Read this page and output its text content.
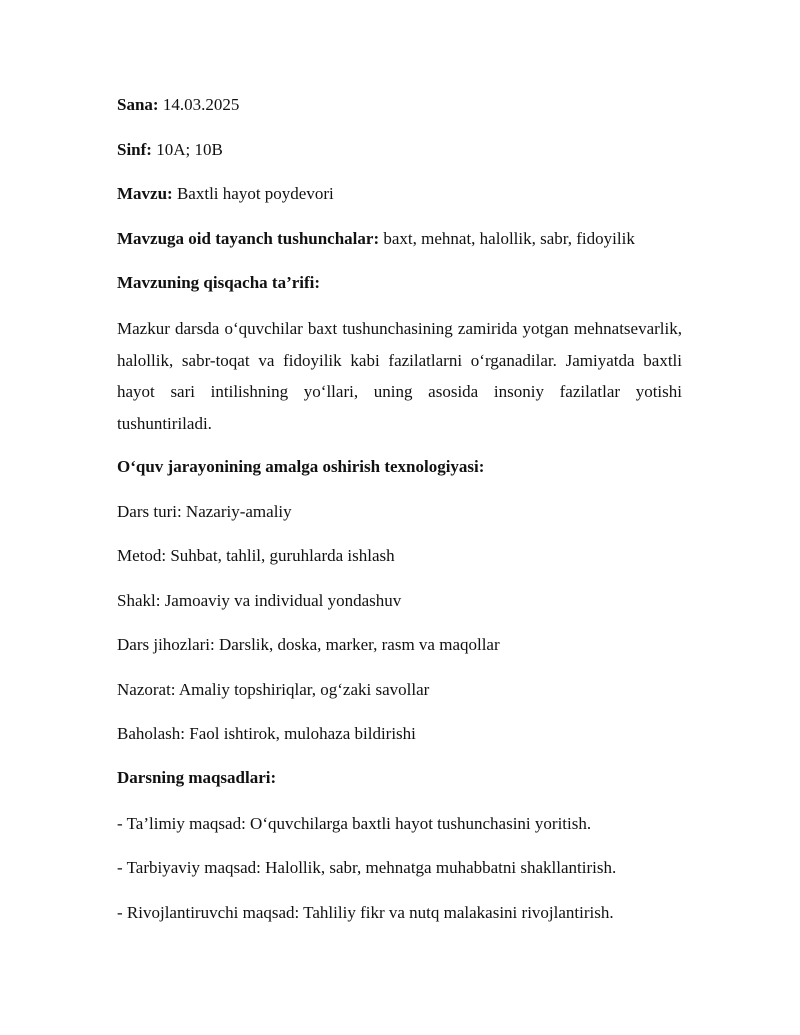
Sana: 14.03.2025
Sinf: 10A; 10B
Mavzu: Baxtli hayot poydevori
Mavzuga oid tayanch tushunchalar: baxt, mehnat, halollik, sabr, fidoyilik
Mavzuning qisqacha ta’rifi:
Mazkur darsda o‘quvchilar baxt tushunchasining zamirida yotgan mehnatsevarlik, halollik, sabr-toqat va fidoyilik kabi fazilatlarni o‘rganadilar. Jamiyatda baxtli hayot sari intilishning yo‘llari, uning asosida insoniy fazilatlar yotishi tushuntiriladi.
O‘quv jarayonining amalga oshirish texnologiyasi:
Dars turi: Nazariy-amaliy
Metod: Suhbat, tahlil, guruhlarda ishlash
Shakl: Jamoaviy va individual yondashuv
Dars jihozlari: Darslik, doska, marker, rasm va maqollar
Nazorat: Amaliy topshiriqlar, og‘zaki savollar
Baholash: Faol ishtirok, mulohaza bildirishi
Darsning maqsadlari:
- Ta’limiy maqsad: O‘quvchilarga baxtli hayot tushunchasini yoritish.
- Tarbiyaviy maqsad: Halollik, sabr, mehnatga muhabbatni shakllantirish.
- Rivojlantiruvchi maqsad: Tahliliy fikr va nutq malakasini rivojlantirish.
